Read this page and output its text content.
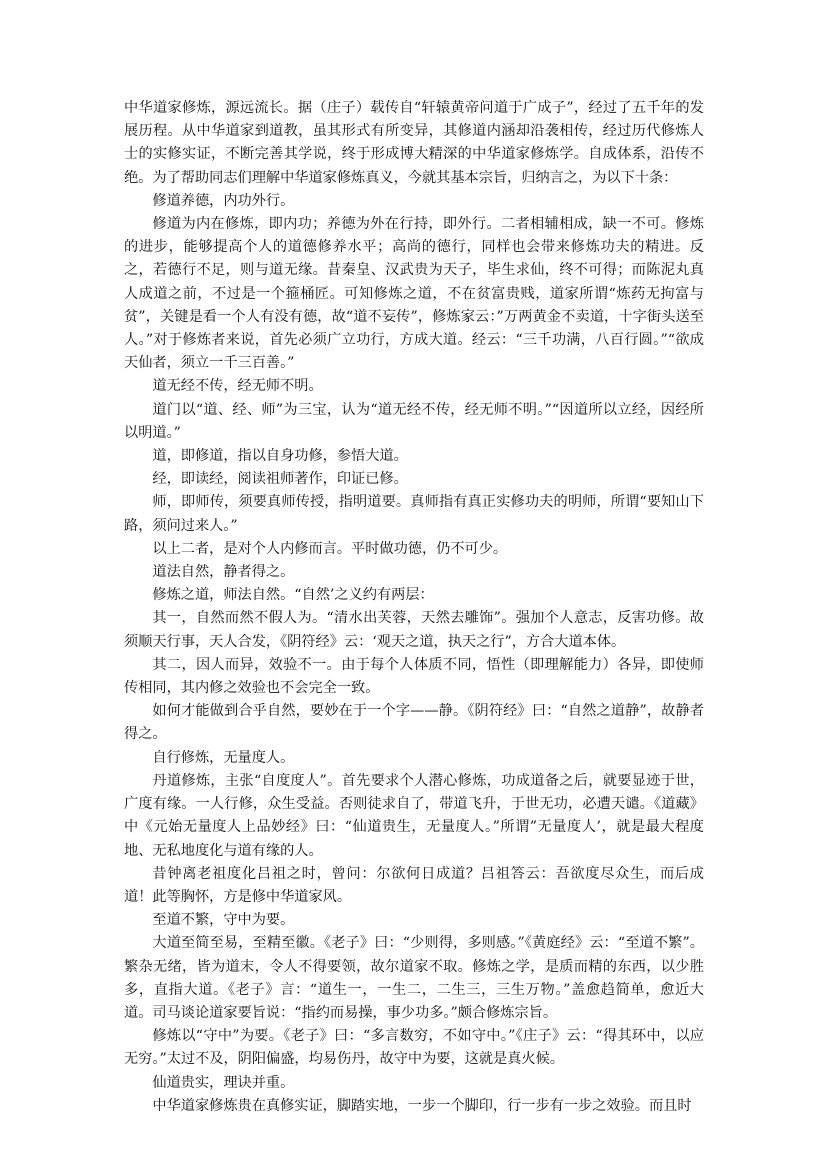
中华道家修炼，源远流长。据（庄子）载传自“轩辕黄帝问道于广成子”，经过了五千年的发展历程。从中华道家到道教，虽其形式有所变异，其修道内涵却沿袭相传，经过历代修炼人士的实修实证，不断完善其学说，终于形成博大精深的中华道家修炼学。自成体系，沿传不绝。为了帮助同志们理解中华道家修炼真义，今就其基本宗旨，归纳言之，为以下十条：

修道养德，内功外行。

修道为内在修炼，即内功；养德为外在行持，即外行。二者相辅相成，缺一不可。修炼的进步，能够提高个人的道德修养水平；高尚的德行，同样也会带来修炼功夫的精进。反之，若德行不足，则与道无缘。昔秦皇、汉武贵为天子，毕生求仙，终不可得；而陈泥丸真人成道之前，不过是一个箍桶匠。可知修炼之道，不在贫富贵贱，道家所谓“炼药无拘富与贫”，关键是看一个人有没有德，故“道不妄传”，修炼家云：”万两黄金不卖道，十字街头送至人。”对于修炼者来说，首先必须广立功行，方成大道。经云：“三千功满，八百行圆。”“欲成天仙者，须立一千三百善。”

道无经不传，经无师不明。

道门以“道、经、师”为三宝，认为“道无经不传，经无师不明。”“因道所以立经，因经所以明道。”

道，即修道，指以自身功修，参悟大道。

经，即读经，阅读祖师著作，印证已修。

师，即师传，须要真师传授，指明道要。真师指有真正实修功夫的明师，所谓“要知山下路，须问过来人。”

以上二者，是对个人内修而言。平时做功德，仍不可少。

道法自然，静者得之。

修炼之道，师法自然。“自然’之义约有两层：

其一，自然而然不假人为。“清水出芙蓉，天然去雕饰”。强加个人意志，反害功修。故须顺天行事，天人合发，《阴符经》云：‘观天之道，执天之行”，方合大道本体。

其二，因人而异，效验不一。由于每个人体质不同，悟性（即理解能力）各异，即使师传相同，其内修之效验也不会完全一致。

如何才能做到合乎自然，要妙在于一个字——静。《阴符经》曰：“自然之道静”，故静者得之。

自行修炼，无量度人。

丹道修炼，主张“自度度人”。首先要求个人潜心修炼，功成道备之后，就要显迹于世，广度有缘。一人行修，众生受益。否则徒求自了，带道飞升，于世无功，必遭天谴。《道藏》中《元始无量度人上品妙经》曰：“仙道贵生，无量度人。”所谓”无量度人’，就是最大程度地、无私地度化与道有缘的人。

昔钟离老祖度化吕祖之时，曾问：尔欲何日成道？吕祖答云：吾欲度尽众生，而后成道！此等胸怀，方是修中华道家风。

至道不繁，守中为要。

大道至简至易，至精至徽。《老子》曰：“少则得，多则感。”《黄庭经》云：“至道不繁”。繁杂无绪，皆为道末，令人不得要领，故尔道家不取。修炼之学，是质而精的东西，以少胜多，直指大道。《老子》言：“道生一，一生二，二生三，三生万物。”盖愈趋简单，愈近大道。司马谈论道家要旨说：“指约而易操，事少功多。”颇合修炼宗旨。

修炼以“守中”为要。《老子》曰：“多言数穷，不如守中。”《庄子》云：“得其环中，以应无穷。”太过不及，阴阳偏盛，均易伤丹，故守中为要，这就是真火候。

仙道贵实，理诀并重。

中华道家修炼贵在真修实证，脚踏实地，一步一个脚印，行一步有一步之效验。而且时
